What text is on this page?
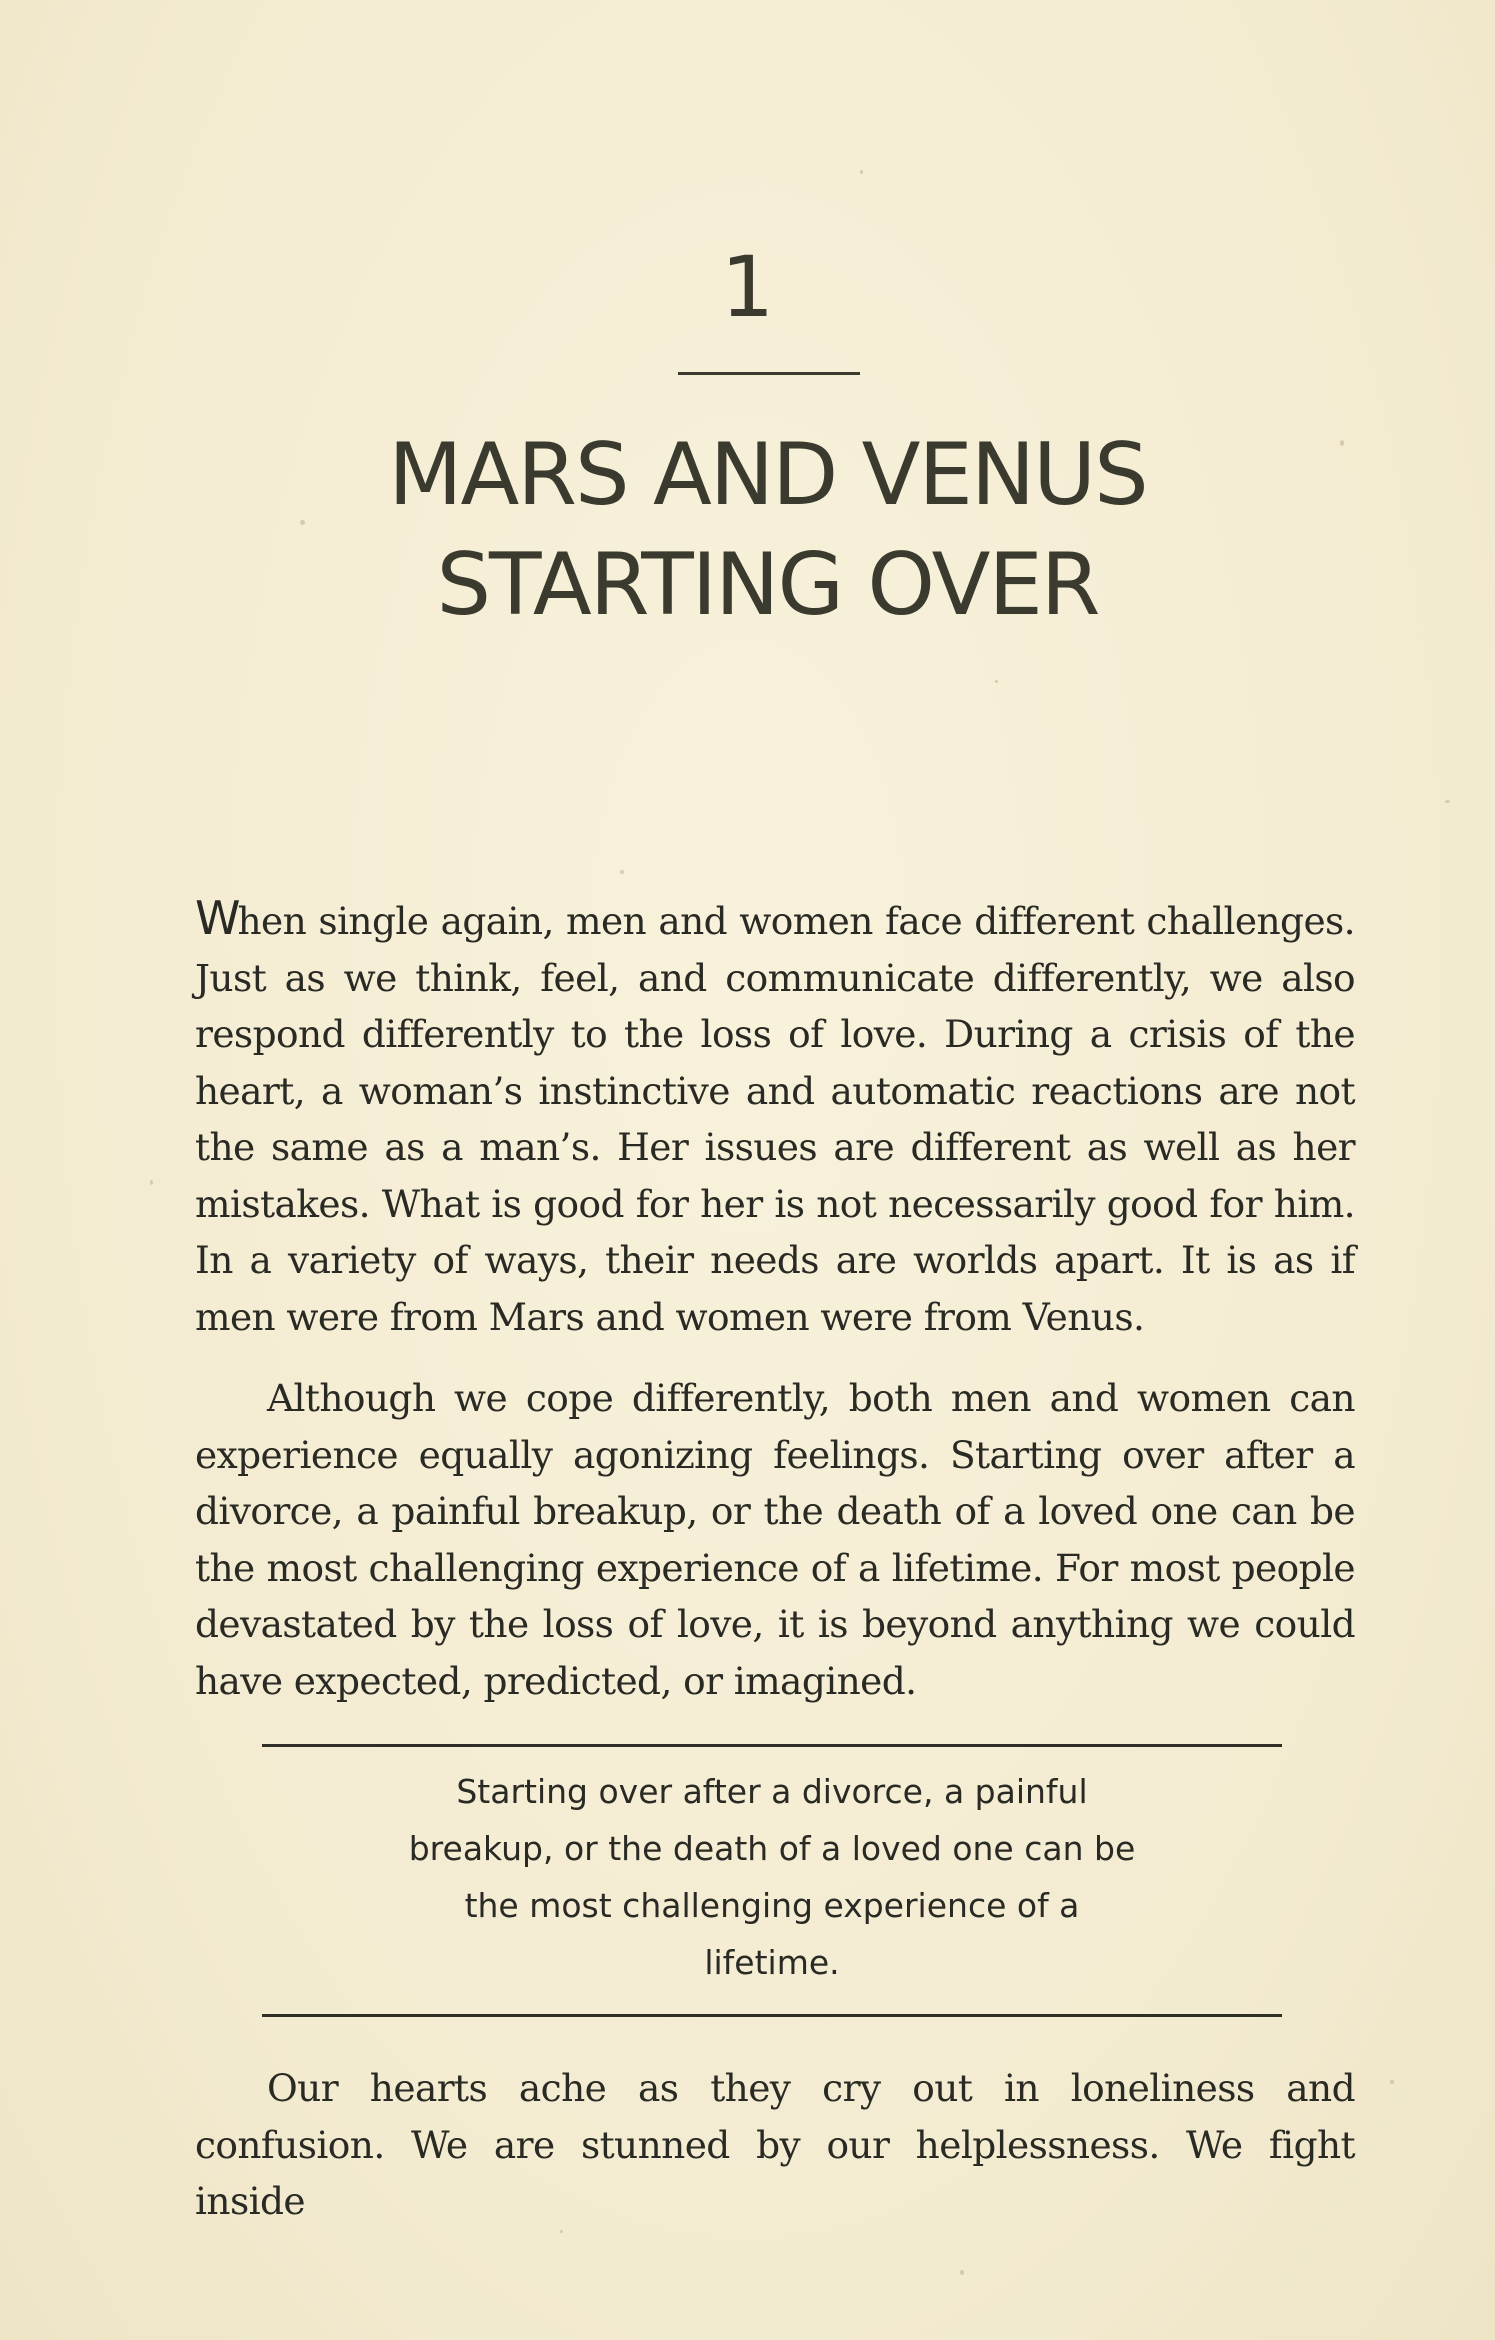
1
MARS AND VENUS
STARTING OVER

When single again, men and women face different challenges. Just as we think, feel, and communicate differently, we also respond differently to the loss of love. During a crisis of the heart, a woman’s instinctive and automatic reactions are not the same as a man’s. Her issues are different as well as her mistakes. What is good for her is not necessarily good for him. In a variety of ways, their needs are worlds apart. It is as if men were from Mars and women were from Venus.

Although we cope differently, both men and women can experience equally agonizing feelings. Starting over after a divorce, a painful breakup, or the death of a loved one can be the most challenging experience of a lifetime. For most people devastated by the loss of love, it is beyond anything we could have expected, predicted, or imagined.

Starting over after a divorce, a painful
breakup, or the death of a loved one can be
the most challenging experience of a
lifetime.

Our hearts ache as they cry out in loneliness and confusion. We are stunned by our helplessness. We fight inside
